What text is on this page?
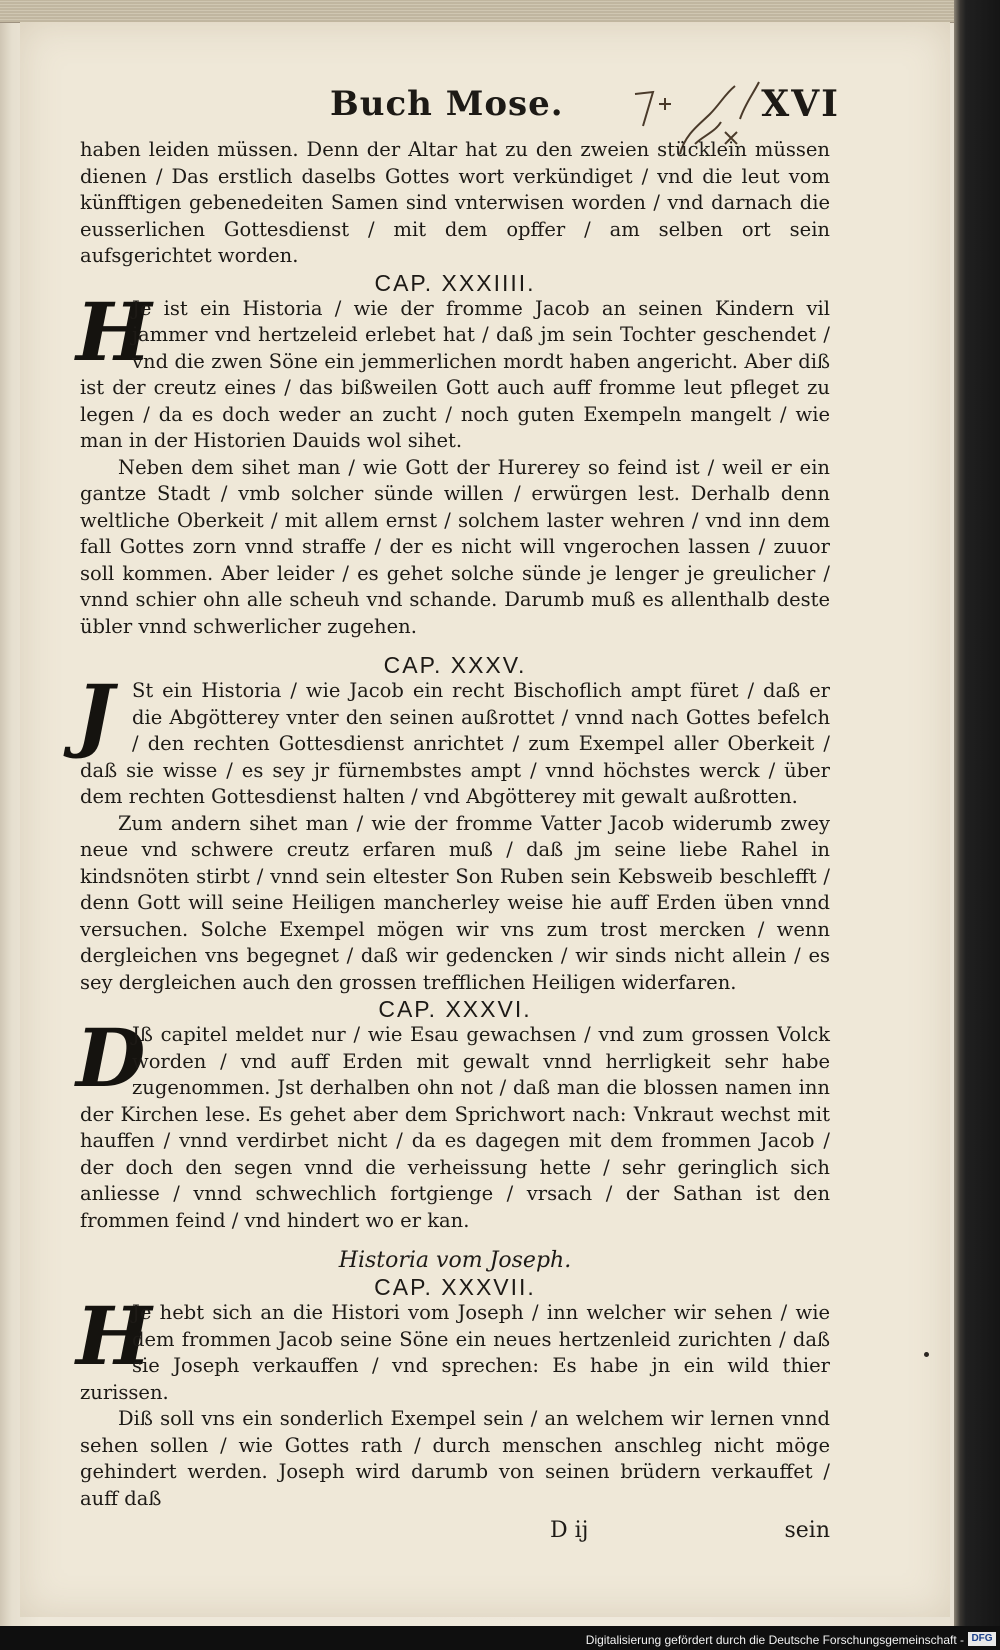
Buch Mose.	XVI

haben leiden müssen. Denn der Altar hat zu den zweien stücklein müssen dienen / Das erstlich daselbs Gottes wort verkündiget / vnd die leut vom künfftigen gebenedeiten Samen sind vnterwisen worden / vnd darnach die eusserlichen Gottesdienst / mit dem opffer / am selben ort sein aufsgerichtet worden.

CAP. XXXIIII.
H

Je ist ein Historia / wie der fromme Jacob an seinen Kindern vil jammer vnd hertzeleid erlebet hat / daß jm sein Tochter geschendet / vnd die zwen Söne ein jemmerlichen mordt haben angericht. Aber diß ist der creutz eines / das bißweilen Gott auch auff fromme leut pfleget zu legen / da es doch weder an zucht / noch guten Exempeln mangelt / wie man in der Historien Dauids wol sihet.

Neben dem sihet man / wie Gott der Hurerey so feind ist / weil er ein gantze Stadt / vmb solcher sünde willen / erwürgen lest. Derhalb denn weltliche Oberkeit / mit allem ernst / solchem laster wehren / vnd inn dem fall Gottes zorn vnnd straffe / der es nicht will vngerochen lassen / zuuor soll kommen. Aber leider / es gehet solche sünde je lenger je greulicher / vnnd schier ohn alle scheuh vnd schande. Darumb muß es allenthalb deste übler vnnd schwerlicher zugehen.

CAP. XXXV.
J St ein Historia / wie Jacob ein recht Bischoflich ampt füret / daß er die Abgötterey vnter den seinen außrottet / vnnd nach Gottes befelch / den rechten Gottesdienst anrichtet / zum Exempel aller Oberkeit / daß sie wisse / es sey jr fürnembstes ampt / vnnd höchstes werck / über dem rechten Gottesdienst halten / vnd Abgötterey mit gewalt außrotten.

Zum andern sihet man / wie der fromme Vatter Jacob widerumb zwey neue vnd schwere creutz erfaren muß / daß jm seine liebe Rahel in kindsnöten stirbt / vnnd sein eltester Son Ruben sein Kebsweib beschlefft / denn Gott will seine Heiligen mancherley weise hie auff Erden üben vnnd versuchen. Solche Exempel mögen wir vns zum trost mercken / wenn dergleichen vns begegnet / daß wir gedencken / wir sinds nicht allein / es sey dergleichen auch den grossen trefflichen Heiligen widerfaren.

CAP. XXXVI.
D

Jß capitel meldet nur / wie Esau gewachsen / vnd zum grossen Volck worden / vnd auff Erden mit gewalt vnnd herrligkeit sehr habe zugenommen. Jst derhalben ohn not / daß man die blossen namen inn der Kirchen lese. Es gehet aber dem Sprichwort nach: Vnkraut wechst mit hauffen / vnnd verdirbet nicht / da es dagegen mit dem frommen Jacob / der doch den segen vnnd die verheissung hette / sehr geringlich sich anliesse / vnnd schwechlich fortgienge / vrsach / der Sathan ist den frommen feind / vnd hindert wo er kan.

Historia vom Joseph.
CAP. XXXVII.
H

Je hebt sich an die Histori vom Joseph / inn welcher wir sehen / wie dem frommen Jacob seine Söne ein neues hertzenleid zurichten / daß sie Joseph verkauffen / vnd sprechen: Es habe jn ein wild thier zurissen.

Diß soll vns ein sonderlich Exempel sein / an welchem wir lernen vnnd sehen sollen / wie Gottes rath / durch menschen anschleg nicht möge gehindert werden. Joseph wird darumb von seinen brüdern verkauffet / auff daß

D ij	sein
Digitalisierung gefördert durch die Deutsche Forschungsgemeinschaft - DFG
